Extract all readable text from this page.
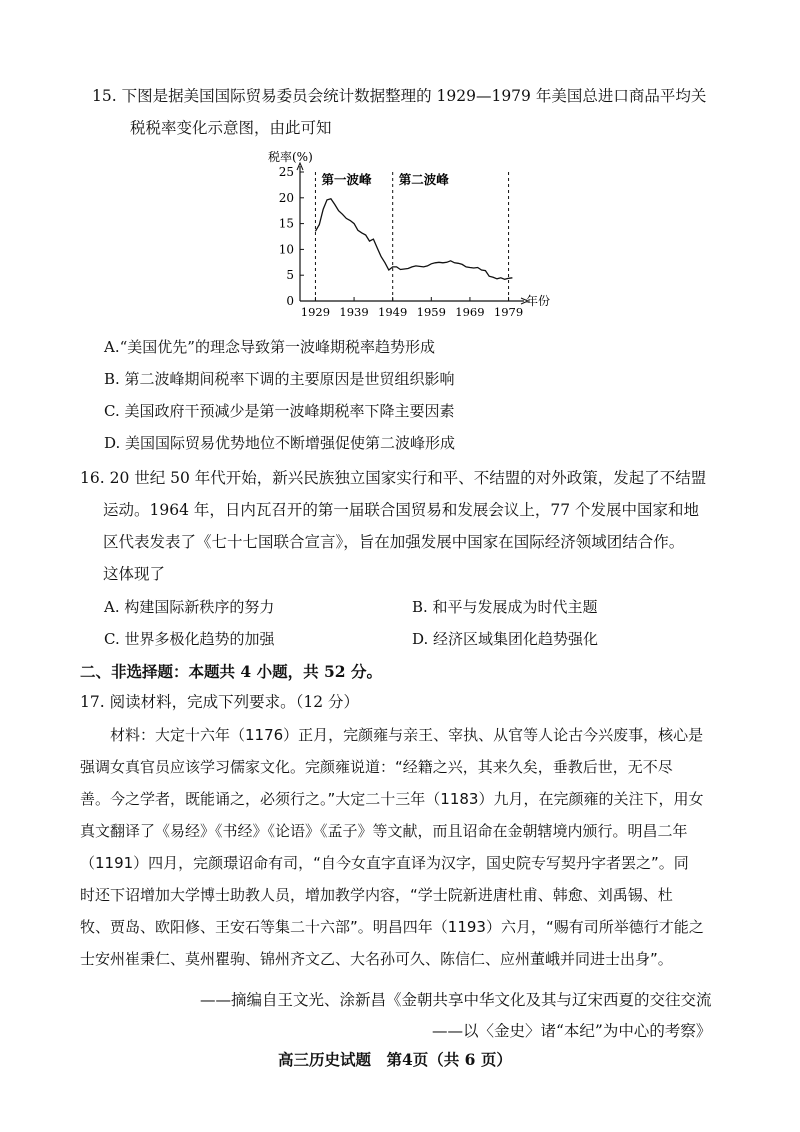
15. 下图是据美国国际贸易委员会统计数据整理的 1929—1979 年美国总进口商品平均关
税税率变化示意图，由此可知
税率(%)
年份
0
5
10
15
20
25
1929 1939 1949 1959 1969 1979
第一波峰 第二波峰
A.“美国优先”的理念导致第一波峰期税率趋势形成
B. 第二波峰期间税率下调的主要原因是世贸组织影响
C. 美国政府干预减少是第一波峰期税率下降主要因素
D. 美国国际贸易优势地位不断增强促使第二波峰形成
16. 20 世纪 50 年代开始，新兴民族独立国家实行和平、不结盟的对外政策，发起了不结盟
运动。1964 年，日内瓦召开的第一届联合国贸易和发展会议上，77 个发展中国家和地
区代表发表了《七十七国联合宣言》，旨在加强发展中国家在国际经济领域团结合作。
这体现了
A. 构建国际新秩序的努力	B. 和平与发展成为时代主题
C. 世界多极化趋势的加强	D. 经济区域集团化趋势强化
二、非选择题：本题共 4 小题，共 52 分。
17. 阅读材料，完成下列要求。（12 分）
材料：大定十六年（1176）正月，完颜雍与亲王、宰执、从官等人论古今兴废事，核心是
强调女真官员应该学习儒家文化。完颜雍说道：“经籍之兴，其来久矣，垂教后世，无不尽
善。今之学者，既能诵之，必须行之。”大定二十三年（1183）九月，在完颜雍的关注下，用女
真文翻译了《易经》《书经》《论语》《孟子》等文献，而且诏命在金朝辖境内颁行。明昌二年
（1191）四月，完颜璟诏命有司，“自今女直字直译为汉字，国史院专写契丹字者罢之”。同
时还下诏增加大学博士助教人员，增加教学内容，“学士院新进唐杜甫、韩愈、刘禹锡、杜
牧、贾岛、欧阳修、王安石等集二十六部”。明昌四年（1193）六月，“赐有司所举德行才能之
士安州崔秉仁、莫州瞿驹、锦州齐文乙、大名孙可久、陈信仁、应州董峨并同进士出身”。
——摘编自王文光、涂新昌《金朝共享中华文化及其与辽宋西夏的交往交流
——以〈金史〉诸“本纪”为中心的考察》
高三历史试题　第4页（共 6 页）
